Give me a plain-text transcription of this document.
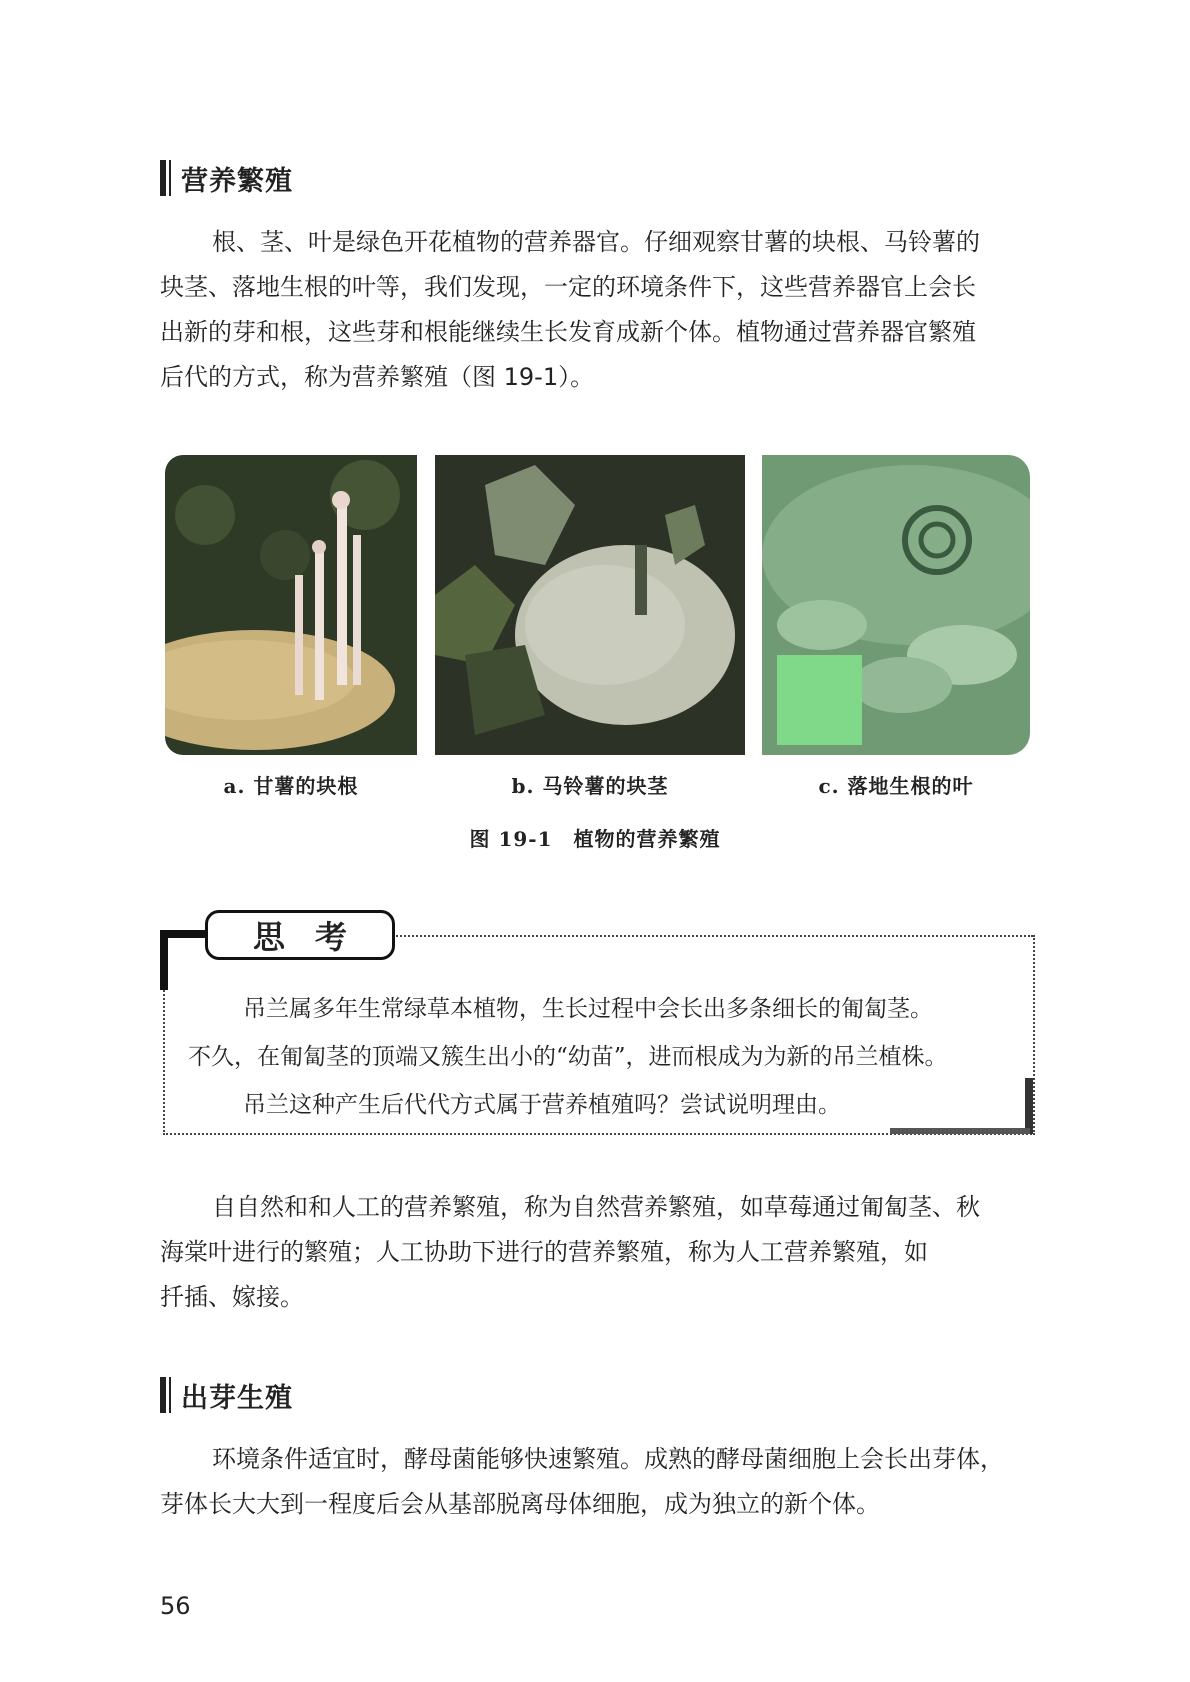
营养繁殖
根、茎、叶是绿色开花植物的营养器官。仔细观察甘薯的块根、马铃薯的
块茎、落地生根的叶等，我们发现，一定的环境条件下，这些营养器官上会长
出新的芽和根，这些芽和根能继续生长发育成新个体。植物通过营养器官繁殖
后代的方式，称为营养繁殖（图 19-1）。
a. 甘薯的块根	b. 马铃薯的块茎	c. 落地生根的叶
图 19-1　植物的营养繁殖
思考
吊兰属多年生常绿草本植物，生长过程中会长出多条细长的匍匐茎。
不久，在匍匐茎的顶端又簇生出小的“幼苗”，进而根成为为新的吊兰植株。
吊兰这种产生后代代方式属于营养植殖吗？尝试说明理由。
自自然和和人工的营养繁殖，称为自然营养繁殖，如草莓通过匍匐茎、秋
海棠叶进行的繁殖；人工协助下进行的营养繁殖，称为人工营养繁殖，如
扦插、嫁接。
出芽生殖
环境条件适宜时，酵母菌能够快速繁殖。成熟的酵母菌细胞上会长出芽体，
芽体长大大到一程度后会从基部脱离母体细胞，成为独立的新个体。
56
